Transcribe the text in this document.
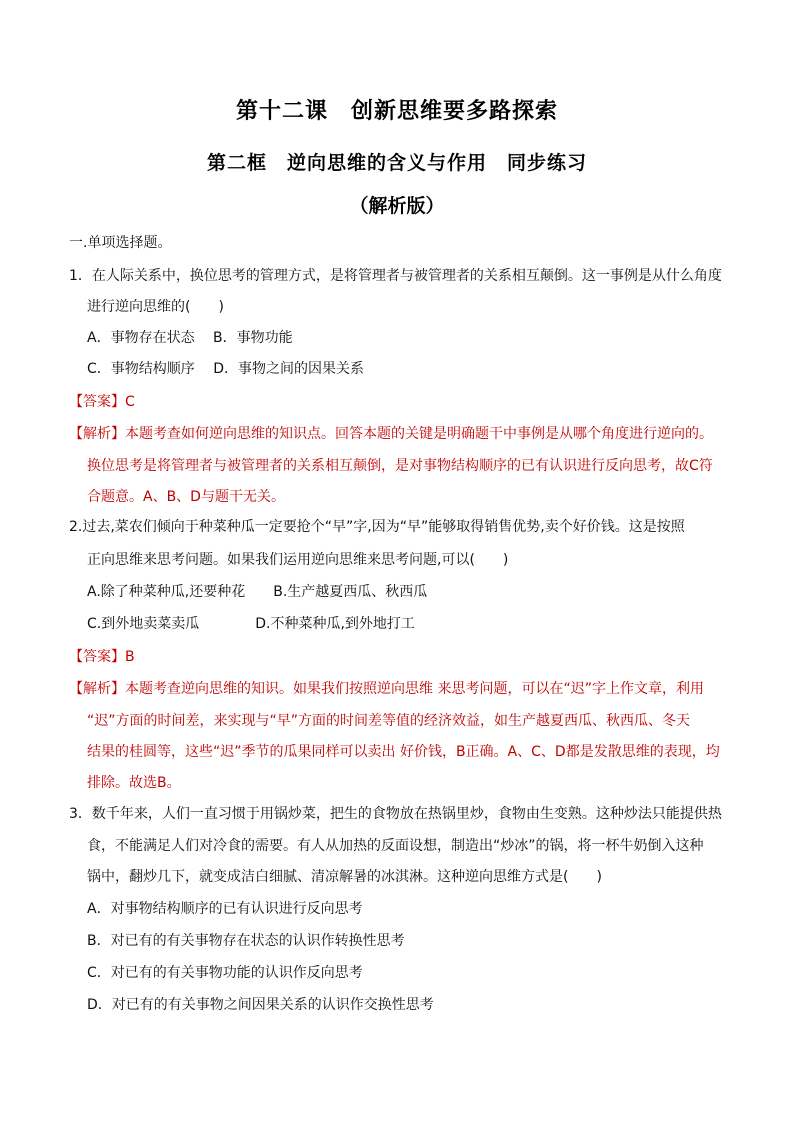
第十二课　创新思维要多路探索
第二框　逆向思维的含义与作用　同步练习
（解析版）
一.单项选择题。
1．在人际关系中，换位思考的管理方式，是将管理者与被管理者的关系相互颠倒。这一事例是从什么角度
进行逆向思维的(　　)
A．事物存在状态　 B．事物功能
C．事物结构顺序　 D．事物之间的因果关系
【答案】C
【解析】本题考查如何逆向思维的知识点。回答本题的关键是明确题干中事例是从哪个角度进行逆向的。
换位思考是将管理者与被管理者的关系相互颠倒，是对事物结构顺序的已有认识进行反向思考，故C符
合题意。A、B、D与题干无关。
2.过去,菜农们倾向于种菜种瓜一定要抢个“早”字,因为“早”能够取得销售优势,卖个好价钱。这是按照
正向思维来思考问题。如果我们运用逆向思维来思考问题,可以(　　)
A.除了种菜种瓜,还要种花　　B.生产越夏西瓜、秋西瓜
C.到外地卖菜卖瓜　　　　D.不种菜种瓜,到外地打工
【答案】B
【解析】本题考查逆向思维的知识。如果我们按照逆向思维 来思考问题，可以在“迟”字上作文章，利用
“迟”方面的时间差，来实现与“早”方面的时间差等值的经济效益，如生产越夏西瓜、秋西瓜、冬天
结果的桂圆等，这些“迟”季节的瓜果同样可以卖出 好价钱，B正确。A、C、D都是发散思维的表现，均
排除。故选B。
3．数千年来，人们一直习惯于用锅炒菜，把生的食物放在热锅里炒，食物由生变熟。这种炒法只能提供热
食，不能满足人们对冷食的需要。有人从加热的反面设想，制造出“炒冰”的锅，将一杯牛奶倒入这种
锅中，翻炒几下，就变成洁白细腻、清凉解暑的冰淇淋。这种逆向思维方式是(　　)
A．对事物结构顺序的已有认识进行反向思考
B．对已有的有关事物存在状态的认识作转换性思考
C．对已有的有关事物功能的认识作反向思考
D．对已有的有关事物之间因果关系的认识作交换性思考
